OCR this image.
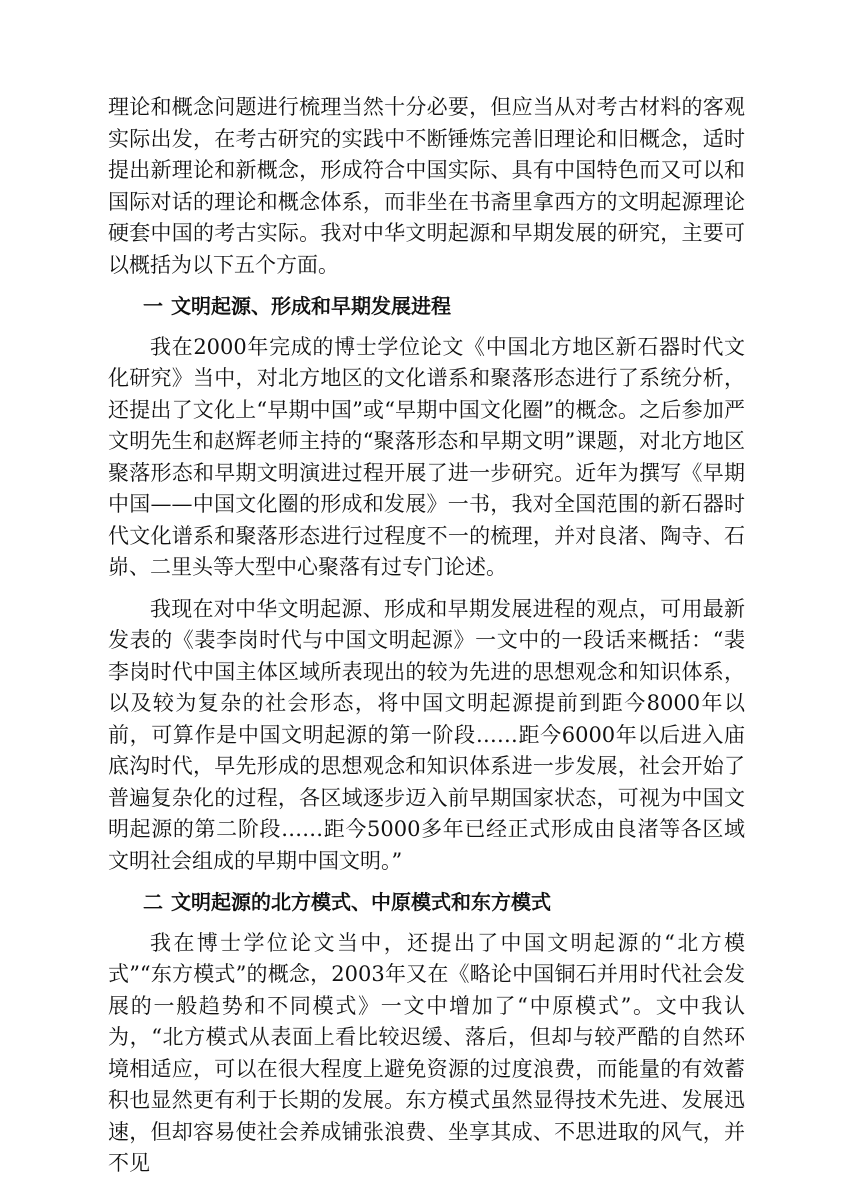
理论和概念问题进行梳理当然十分必要，但应当从对考古材料的客观实际出发，在考古研究的实践中不断锤炼完善旧理论和旧概念，适时提出新理论和新概念，形成符合中国实际、具有中国特色而又可以和国际对话的理论和概念体系，而非坐在书斋里拿西方的文明起源理论硬套中国的考古实际。我对中华文明起源和早期发展的研究，主要可以概括为以下五个方面。

一 文明起源、形成和早期发展进程

我在2000年完成的博士学位论文《中国北方地区新石器时代文化研究》当中，对北方地区的文化谱系和聚落形态进行了系统分析，还提出了文化上“早期中国”或“早期中国文化圈”的概念。之后参加严文明先生和赵辉老师主持的“聚落形态和早期文明”课题，对北方地区聚落形态和早期文明演进过程开展了进一步研究。近年为撰写《早期中国——中国文化圈的形成和发展》一书，我对全国范围的新石器时代文化谱系和聚落形态进行过程度不一的梳理，并对良渚、陶寺、石峁、二里头等大型中心聚落有过专门论述。

我现在对中华文明起源、形成和早期发展进程的观点，可用最新发表的《裴李岗时代与中国文明起源》一文中的一段话来概括：“裴李岗时代中国主体区域所表现出的较为先进的思想观念和知识体系，以及较为复杂的社会形态，将中国文明起源提前到距今8000年以前，可算作是中国文明起源的第一阶段……距今6000年以后进入庙底沟时代，早先形成的思想观念和知识体系进一步发展，社会开始了普遍复杂化的过程，各区域逐步迈入前早期国家状态，可视为中国文明起源的第二阶段……距今5000多年已经正式形成由良渚等各区域文明社会组成的早期中国文明。”

二 文明起源的北方模式、中原模式和东方模式

我在博士学位论文当中，还提出了中国文明起源的“北方模式”“东方模式”的概念，2003年又在《略论中国铜石并用时代社会发展的一般趋势和不同模式》一文中增加了“中原模式”。文中我认为，“北方模式从表面上看比较迟缓、落后，但却与较严酷的自然环境相适应，可以在很大程度上避免资源的过度浪费，而能量的有效蓄积也显然更有利于长期的发展。东方模式虽然显得技术先进、发展迅速，但却容易使社会养成铺张浪费、坐享其成、不思进取的风气，并不见
